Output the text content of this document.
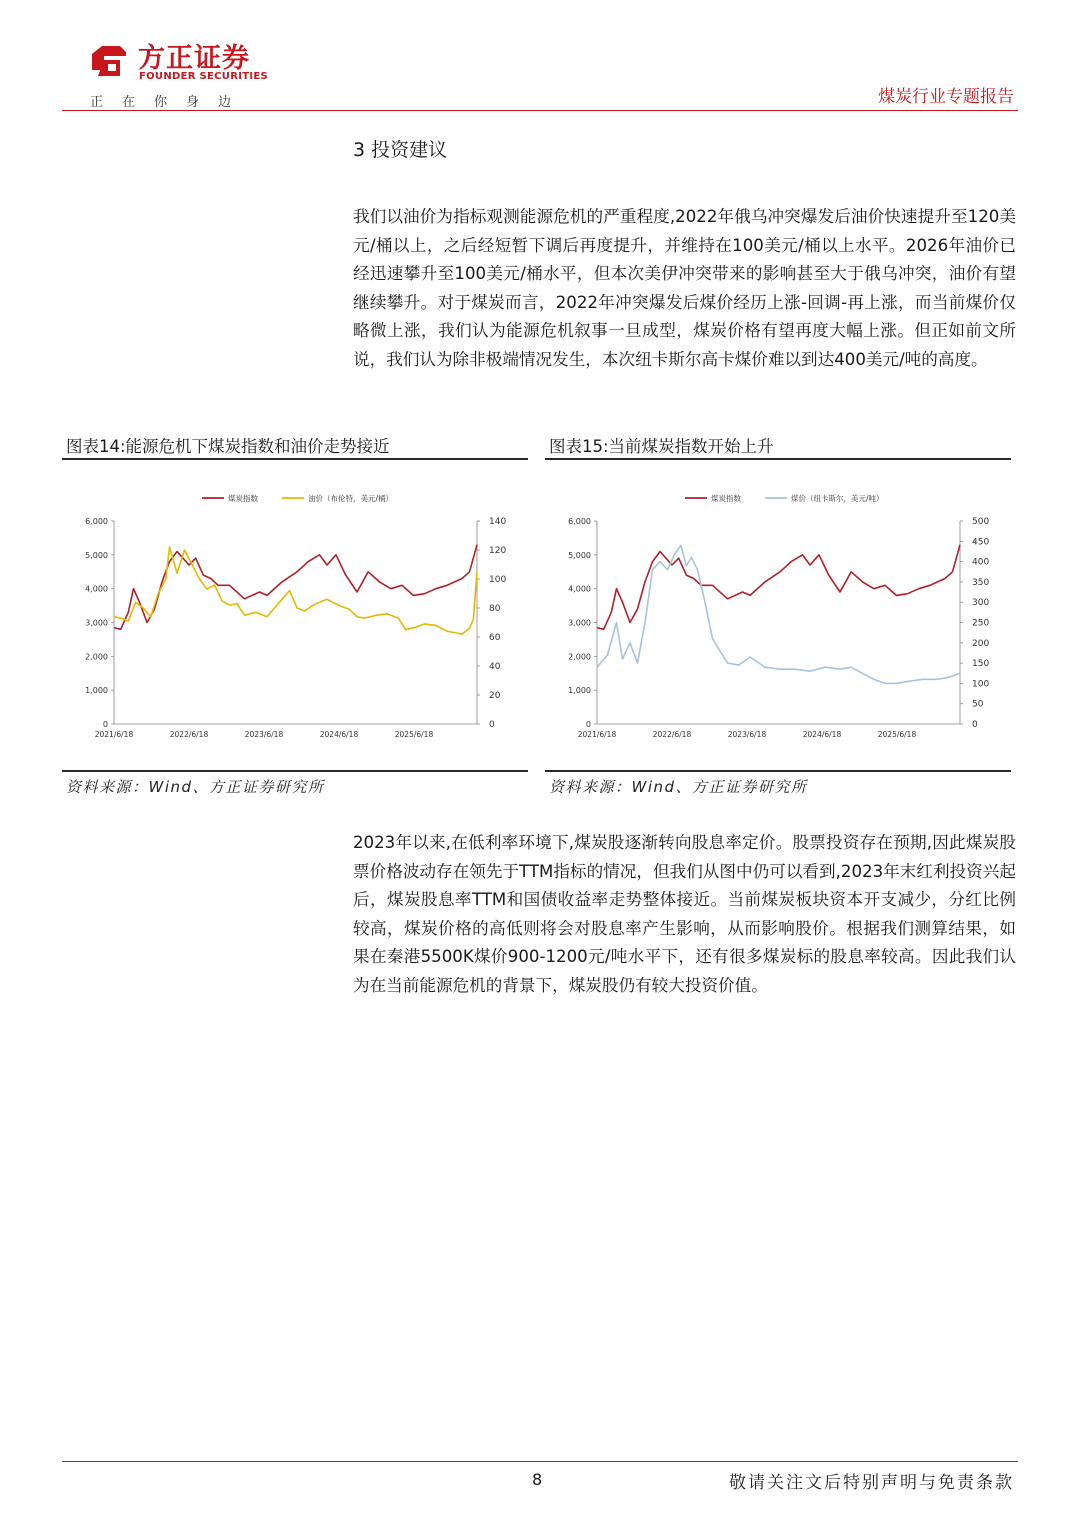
方正证券
FOUNDER SECURITIES
正在你身边	煤炭行业专题报告
3 投资建议
我们以油价为指标观测能源危机的严重程度,2022年俄乌冲突爆发后油价快速提升至120美元/桶以上，之后经短暂下调后再度提升，并维持在100美元/桶以上水平。2026年油价已经迅速攀升至100美元/桶水平，但本次美伊冲突带来的影响甚至大于俄乌冲突，油价有望继续攀升。对于煤炭而言，2022年冲突爆发后煤价经历上涨-回调-再上涨，而当前煤价仅略微上涨，我们认为能源危机叙事一旦成型，煤炭价格有望再度大幅上涨。但正如前文所说，我们认为除非极端情况发生，本次纽卡斯尔高卡煤价难以到达400美元/吨的高度。
图表14:能源危机下煤炭指数和油价走势接近
煤炭指数	油价（布伦特，美元/桶）
0
1,000
2,000
3,000
4,000
5,000
6,000
0
20
40
60
80
100
120
140
2021/6/18	2022/6/18	2023/6/18	2024/6/18	2025/6/18
资料来源：Wind、方正证券研究所
图表15:当前煤炭指数开始上升
煤炭指数	煤价（纽卡斯尔，美元/吨）
0
1,000
2,000
3,000
4,000
5,000
6,000
0
50
100
150
200
250
300
350
400
450
500
2021/6/18	2022/6/18	2023/6/18	2024/6/18	2025/6/18
资料来源：Wind、方正证券研究所
2023年以来,在低利率环境下,煤炭股逐渐转向股息率定价。股票投资存在预期,因此煤炭股票价格波动存在领先于TTM指标的情况，但我们从图中仍可以看到,2023年末红利投资兴起后，煤炭股息率TTM和国债收益率走势整体接近。当前煤炭板块资本开支减少，分红比例较高，煤炭价格的高低则将会对股息率产生影响，从而影响股价。根据我们测算结果，如果在秦港5500K煤价900-1200元/吨水平下，还有很多煤炭标的股息率较高。因此我们认为在当前能源危机的背景下，煤炭股仍有较大投资价值。
8	敬请关注文后特别声明与免责条款
